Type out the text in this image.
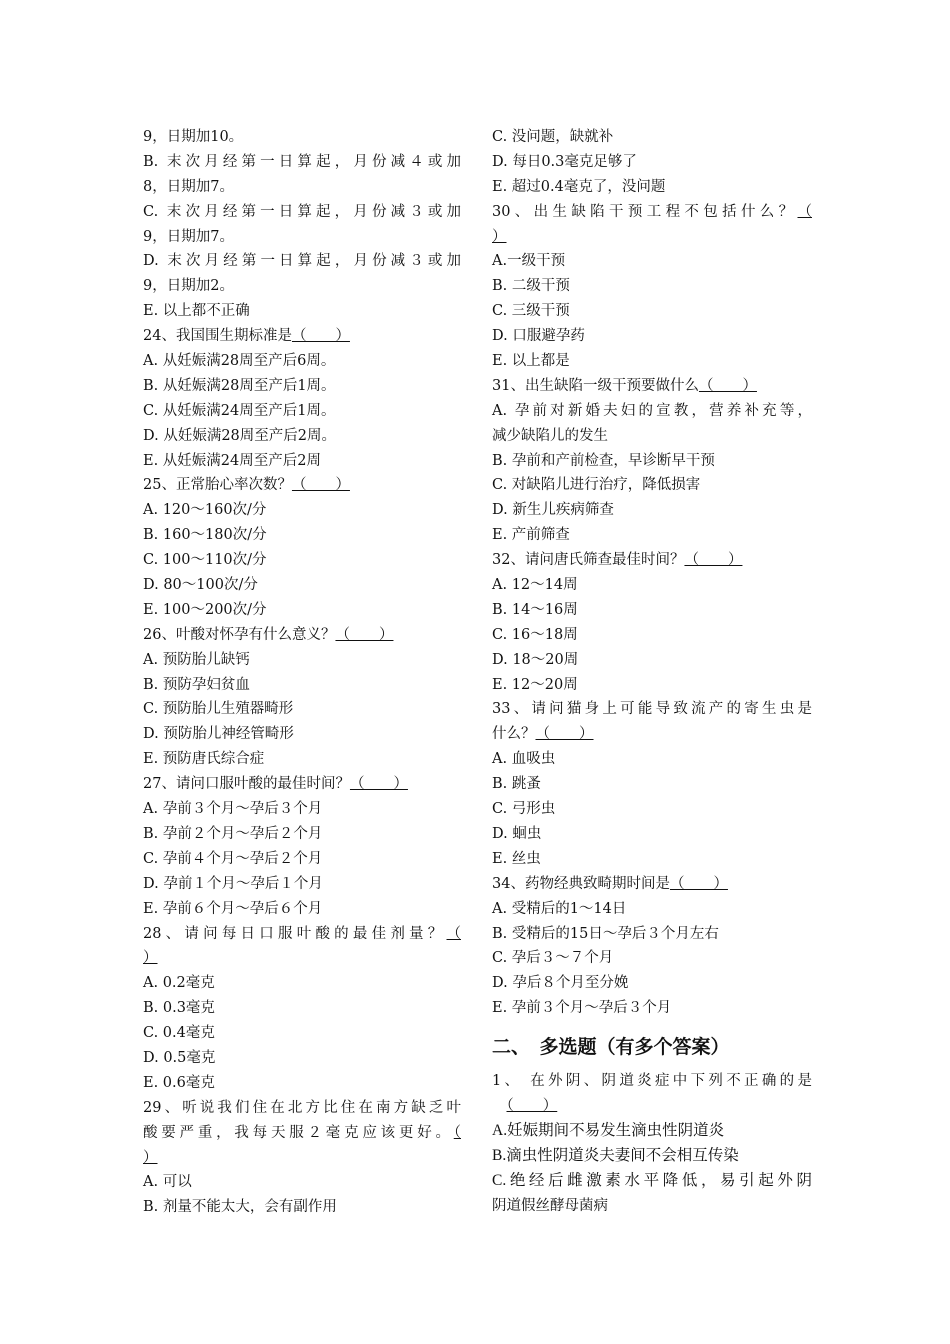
9，日期加10。
B. 末次月经第一日算起，月份减４或加
8，日期加7。
C. 末次月经第一日算起，月份减３或加
9，日期加7。
D. 末次月经第一日算起，月份减３或加
9，日期加2。
E. 以上都不正确
24、我国围生期标准是（　　）
A. 从妊娠满28周至产后6周。
B. 从妊娠满28周至产后1周。
C. 从妊娠满24周至产后1周。
D. 从妊娠满28周至产后2周。
E. 从妊娠满24周至产后2周
25、正常胎心率次数？（　　）
A. 120～160次/分
B. 160～180次/分
C. 100～110次/分
D. 80～100次/分
E. 100～200次/分
26、叶酸对怀孕有什么意义？（　　）
A. 预防胎儿缺钙
B. 预防孕妇贫血
C. 预防胎儿生殖器畸形
D. 预防胎儿神经管畸形
E. 预防唐氏综合症
27、请问口服叶酸的最佳时间？（　　）
A. 孕前３个月～孕后３个月
B. 孕前２个月～孕后２个月
C. 孕前４个月～孕后２个月
D. 孕前１个月～孕后１个月
E. 孕前６个月～孕后６个月
28、请问每日口服叶酸的最佳剂量？（
）
A. 0.2毫克
B. 0.3毫克
C. 0.4毫克
D. 0.5毫克
E. 0.6毫克
29、听说我们住在北方比住在南方缺乏叶
酸要严重，我每天服２毫克应该更好。（
）
A. 可以
B. 剂量不能太大，会有副作用
C. 没问题，缺就补
D. 每日0.3毫克足够了
E. 超过0.4毫克了，没问题
30、出生缺陷干预工程不包括什么？（
）
A.一级干预
B. 二级干预
C. 三级干预
D. 口服避孕药
E. 以上都是
31、出生缺陷一级干预要做什么（　　）
A. 孕前对新婚夫妇的宣教，营养补充等，
减少缺陷儿的发生
B. 孕前和产前检查，早诊断早干预
C. 对缺陷儿进行治疗，降低损害
D. 新生儿疾病筛查
E. 产前筛查
32、请问唐氏筛查最佳时间？（　　）
A. 12～14周
B. 14～16周
C. 16～18周
D. 18～20周
E. 12～20周
33、请问猫身上可能导致流产的寄生虫是
什么？（　　）
A. 血吸虫
B. 跳蚤
C. 弓形虫
D. 蛔虫
E. 丝虫
34、药物经典致畸期时间是（　　）
A. 受精后的1～14日
B. 受精后的15日～孕后３个月左右
C. 孕后３～７个月
D. 孕后８个月至分娩
E. 孕前３个月～孕后３个月
二、　多选题（有多个答案）
1、 在外阴、阴道炎症中下列不正确的是
　（　　）
A.妊娠期间不易发生滴虫性阴道炎
B.滴虫性阴道炎夫妻间不会相互传染
C.绝经后雌激素水平降低，易引起外阴
阴道假丝酵母菌病
